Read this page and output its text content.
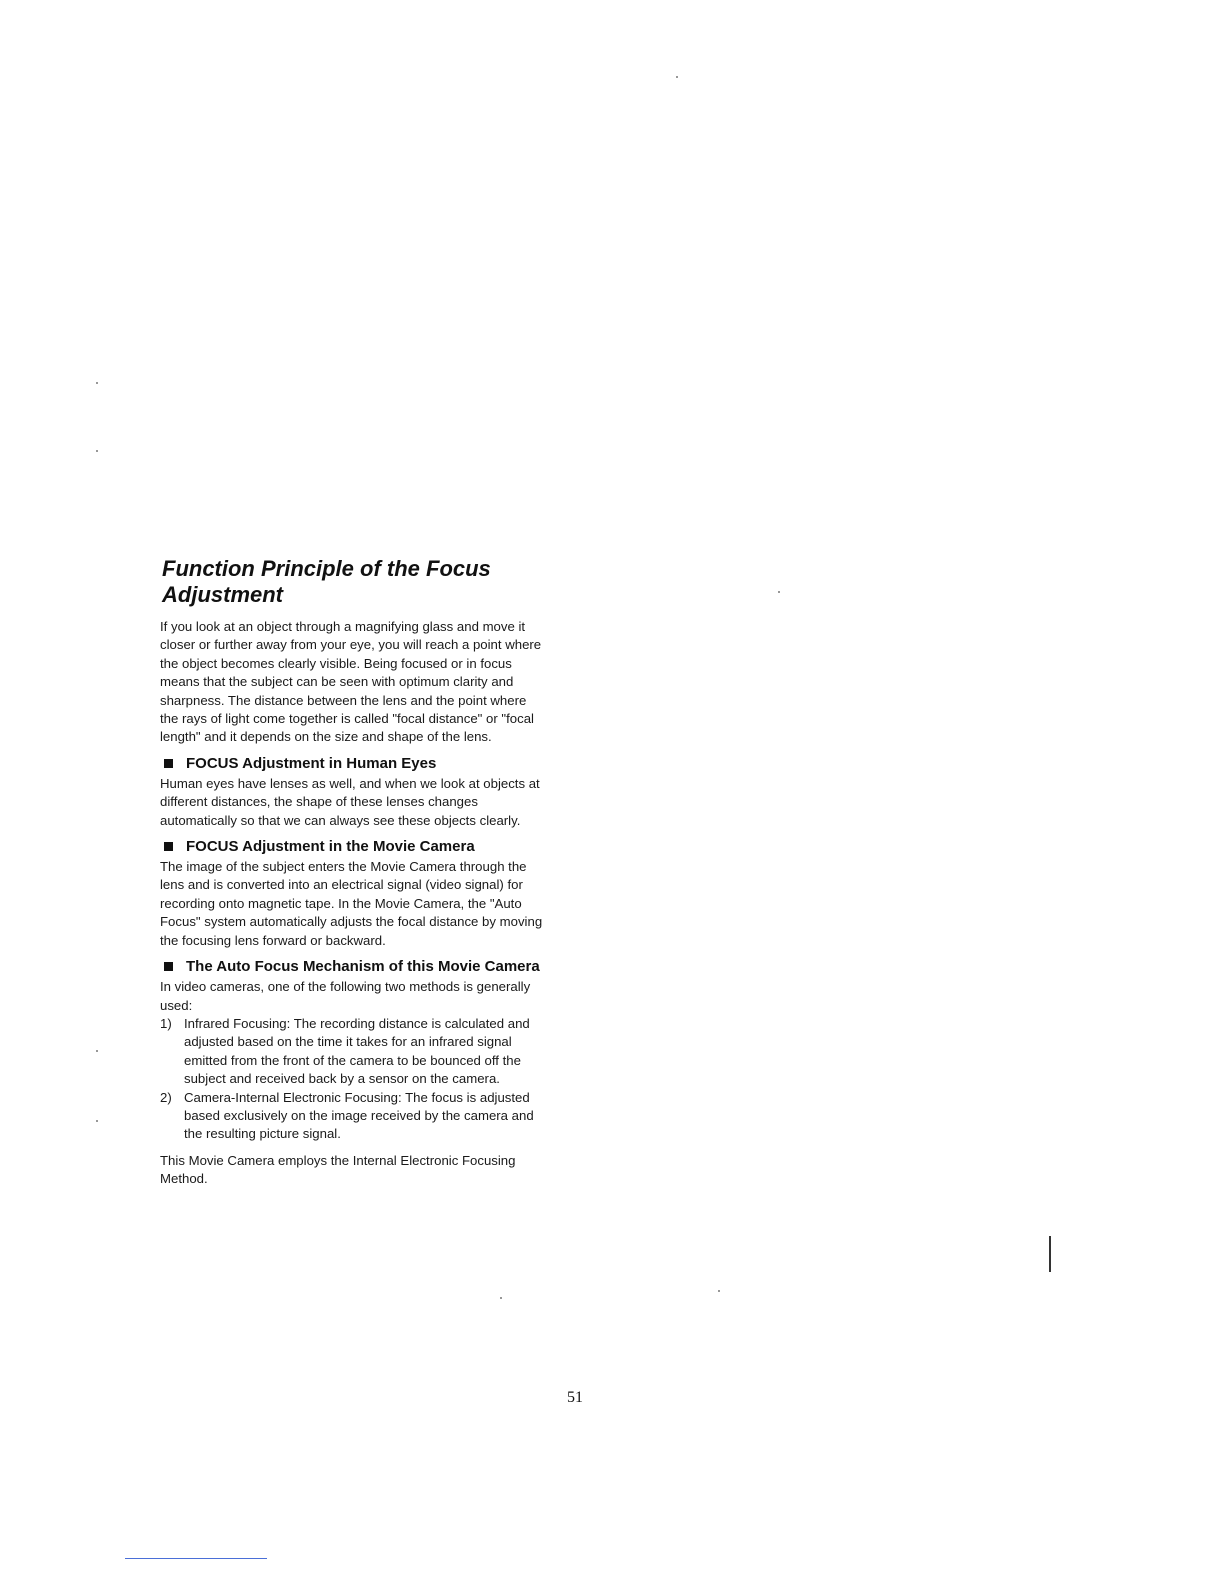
Function Principle of the Focus Adjustment

If you look at an object through a magnifying glass and move it closer or further away from your eye, you will reach a point where the object becomes clearly visible. Being focused or in focus means that the subject can be seen with optimum clarity and sharpness. The distance between the lens and the point where the rays of light come together is called "focal distance" or "focal length" and it depends on the size and shape of the lens.

FOCUS Adjustment in Human Eyes

Human eyes have lenses as well, and when we look at objects at different distances, the shape of these lenses changes automatically so that we can always see these objects clearly.

FOCUS Adjustment in the Movie Camera

The image of the subject enters the Movie Camera through the lens and is converted into an electrical signal (video signal) for recording onto magnetic tape. In the Movie Camera, the "Auto Focus" system automatically adjusts the focal distance by moving the focusing lens forward or backward.

The Auto Focus Mechanism of this Movie Camera

In video cameras, one of the following two methods is generally used:

1) Infrared Focusing: The recording distance is calculated and adjusted based on the time it takes for an infrared signal emitted from the front of the camera to be bounced off the subject and received back by a sensor on the camera.
2) Camera-Internal Electronic Focusing: The focus is adjusted based exclusively on the image received by the camera and the resulting picture signal.

This Movie Camera employs the Internal Electronic Focusing Method.

51
